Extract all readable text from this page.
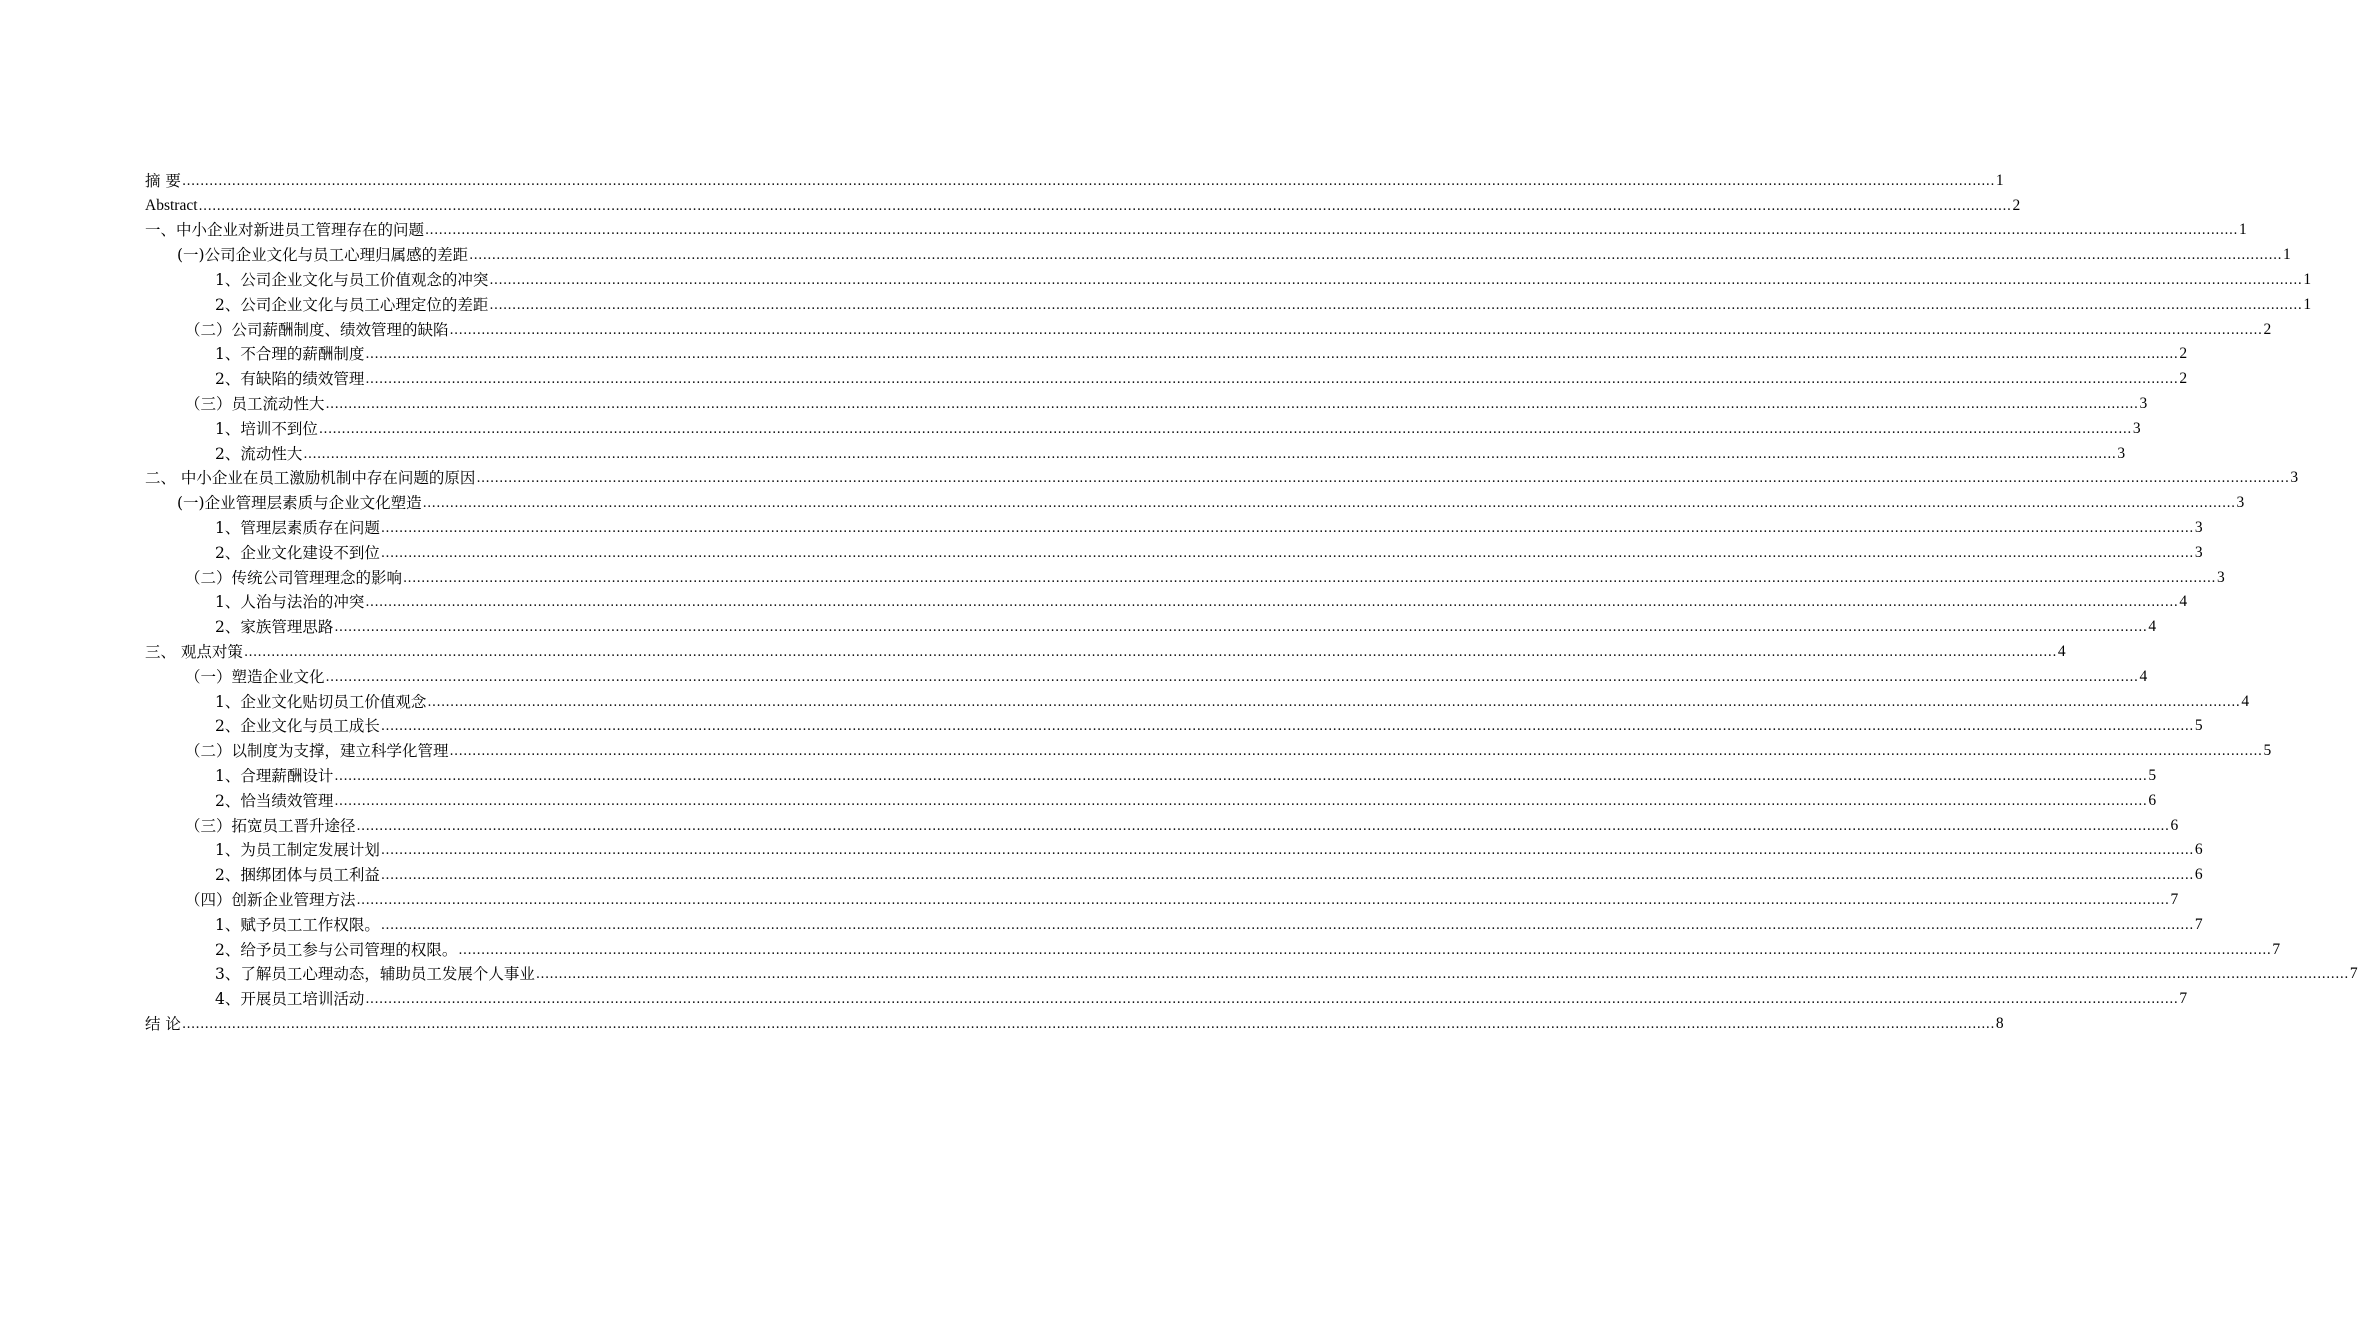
摘 要 ................................................................................................................................................................................................................................................................................................................................................................................................................ 1
Abstract ................................................................................................................................................................................................................................................................................................................................................................................................................ 2
一、中小企业对新进员工管理存在的问题 ................................................................................................................................................................................................................................................................................................................................................................................................................ 1
(一)公司企业文化与员工心理归属感的差距 ................................................................................................................................................................................................................................................................................................................................................................................................................ 1
1、公司企业文化与员工价值观念的冲突 ................................................................................................................................................................................................................................................................................................................................................................................................................ 1
2、公司企业文化与员工心理定位的差距 ................................................................................................................................................................................................................................................................................................................................................................................................................ 1
（二）公司薪酬制度、绩效管理的缺陷 ................................................................................................................................................................................................................................................................................................................................................................................................................ 2
1、不合理的薪酬制度 ................................................................................................................................................................................................................................................................................................................................................................................................................ 2
2、有缺陷的绩效管理 ................................................................................................................................................................................................................................................................................................................................................................................................................ 2
（三）员工流动性大 ................................................................................................................................................................................................................................................................................................................................................................................................................ 3
1、培训不到位 ................................................................................................................................................................................................................................................................................................................................................................................................................ 3
2、流动性大 ................................................................................................................................................................................................................................................................................................................................................................................................................ 3
二、 中小企业在员工激励机制中存在问题的原因 ................................................................................................................................................................................................................................................................................................................................................................................................................ 3
(一)企业管理层素质与企业文化塑造 ................................................................................................................................................................................................................................................................................................................................................................................................................ 3
1、管理层素质存在问题 ................................................................................................................................................................................................................................................................................................................................................................................................................ 3
2、企业文化建设不到位 ................................................................................................................................................................................................................................................................................................................................................................................................................ 3
（二）传统公司管理理念的影响 ................................................................................................................................................................................................................................................................................................................................................................................................................ 3
1、人治与法治的冲突 ................................................................................................................................................................................................................................................................................................................................................................................................................ 4
2、家族管理思路 ................................................................................................................................................................................................................................................................................................................................................................................................................ 4
三、 观点对策 ................................................................................................................................................................................................................................................................................................................................................................................................................ 4
（一）塑造企业文化 ................................................................................................................................................................................................................................................................................................................................................................................................................ 4
1、企业文化贴切员工价值观念 ................................................................................................................................................................................................................................................................................................................................................................................................................ 4
2、企业文化与员工成长 ................................................................................................................................................................................................................................................................................................................................................................................................................ 5
（二）以制度为支撑，建立科学化管理 ................................................................................................................................................................................................................................................................................................................................................................................................................ 5
1、合理薪酬设计 ................................................................................................................................................................................................................................................................................................................................................................................................................ 5
2、恰当绩效管理 ................................................................................................................................................................................................................................................................................................................................................................................................................ 6
（三）拓宽员工晋升途径 ................................................................................................................................................................................................................................................................................................................................................................................................................ 6
1、为员工制定发展计划 ................................................................................................................................................................................................................................................................................................................................................................................................................ 6
2、捆绑团体与员工利益 ................................................................................................................................................................................................................................................................................................................................................................................................................ 6
（四）创新企业管理方法 ................................................................................................................................................................................................................................................................................................................................................................................................................ 7
1、赋予员工工作权限。 ................................................................................................................................................................................................................................................................................................................................................................................................................ 7
2、给予员工参与公司管理的权限。 ................................................................................................................................................................................................................................................................................................................................................................................................................ 7
3、了解员工心理动态，辅助员工发展个人事业 ................................................................................................................................................................................................................................................................................................................................................................................................................ 7
4、开展员工培训活动 ................................................................................................................................................................................................................................................................................................................................................................................................................ 7
结 论 ................................................................................................................................................................................................................................................................................................................................................................................................................ 8
